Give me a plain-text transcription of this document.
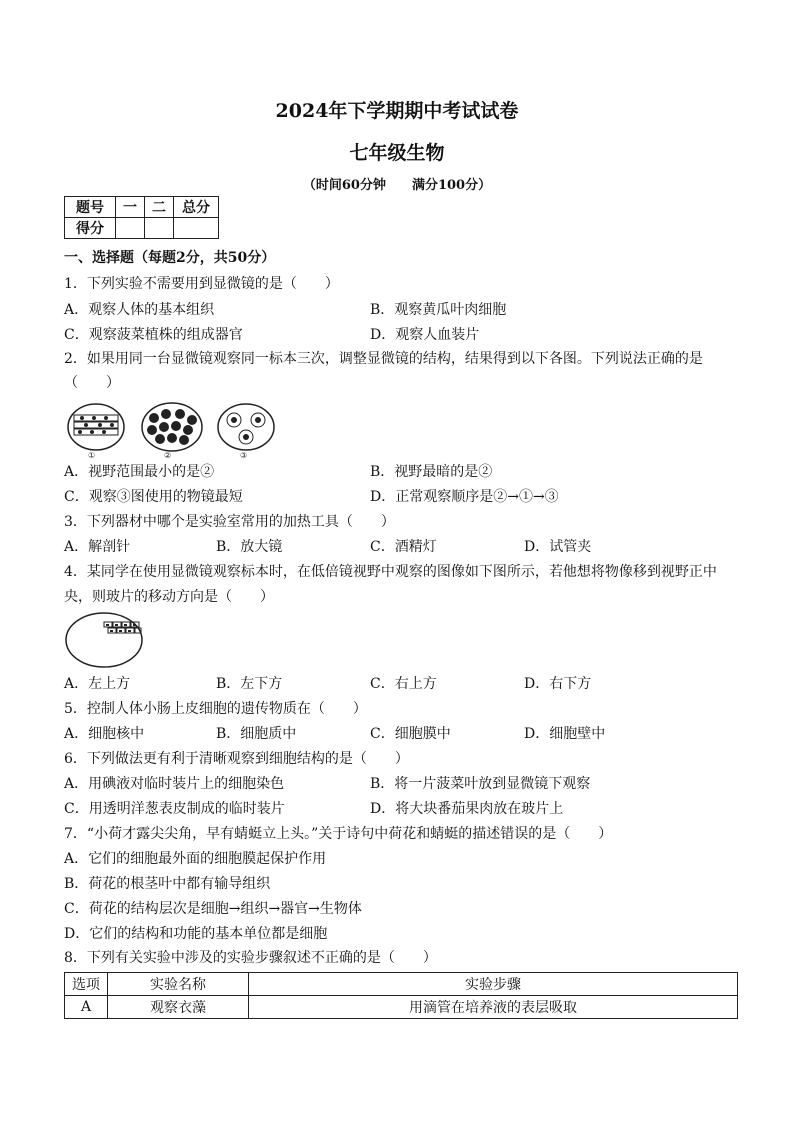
2024年下学期期中考试试卷
七年级生物
（时间60分钟　　满分100分）
题号	一	二	总分
得分			
一、选择题（每题2分，共50分）
1．下列实验不需要用到显微镜的是（　　）
A．观察人体的基本组织	B．观察黄瓜叶肉细胞
C．观察菠菜植株的组成器官	D．观察人血装片
2．如果用同一台显微镜观察同一标本三次，调整显微镜的结构，结果得到以下各图。下列说法正确的是
（　　）
①	②	③
A．视野范围最小的是②	B．视野最暗的是②
C．观察③图使用的物镜最短	D．正常观察顺序是②→①→③
3．下列器材中哪个是实验室常用的加热工具（　　）
A．解剖针	B．放大镜	C．酒精灯	D．试管夹
4．某同学在使用显微镜观察标本时，在低倍镜视野中观察的图像如下图所示，若他想将物像移到视野正中
央，则玻片的移动方向是（　　）
A．左上方	B．左下方	C．右上方	D．右下方
5．控制人体小肠上皮细胞的遗传物质在（　　）
A．细胞核中	B．细胞质中	C．细胞膜中	D．细胞壁中
6．下列做法更有利于清晰观察到细胞结构的是（　　）
A．用碘液对临时装片上的细胞染色	B．将一片菠菜叶放到显微镜下观察
C．用透明洋葱表皮制成的临时装片	D．将大块番茄果肉放在玻片上
7．“小荷才露尖尖角，早有蜻蜓立上头。”关于诗句中荷花和蜻蜓的描述错误的是（　　）
A．它们的细胞最外面的细胞膜起保护作用
B．荷花的根茎叶中都有输导组织
C．荷花的结构层次是细胞→组织→器官→生物体
D．它们的结构和功能的基本单位都是细胞
8．下列有关实验中涉及的实验步骤叙述不正确的是（　　）
选项	实验名称	实验步骤
A	观察衣藻	用滴管在培养液的表层吸取
